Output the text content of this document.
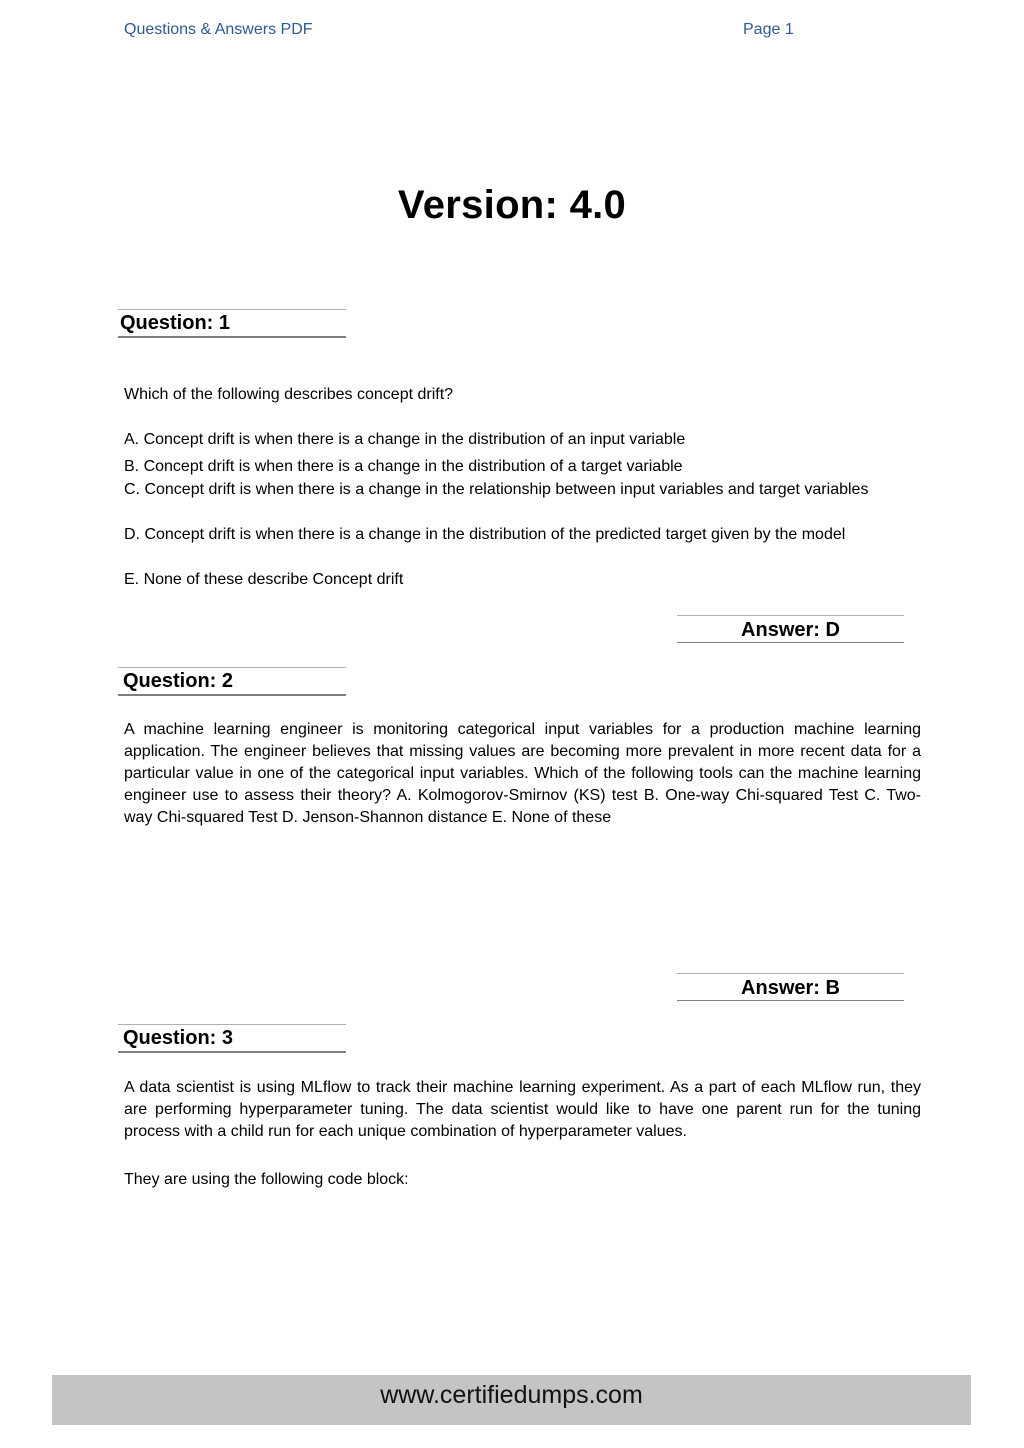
Questions & Answers PDF	Page 1
Version: 4.0
Question: 1
Which of the following describes concept drift?
A. Concept drift is when there is a change in the distribution of an input variable
B. Concept drift is when there is a change in the distribution of a target variable
C. Concept drift is when there is a change in the relationship between input variables and target variables
D. Concept drift is when there is a change in the distribution of the predicted target given by the model
E. None of these describe Concept drift
Answer: D
Question: 2
A machine learning engineer is monitoring categorical input variables for a production machine learning application. The engineer believes that missing values are becoming more prevalent in more recent data for a particular value in one of the categorical input variables. Which of the following tools can the machine learning engineer use to assess their theory? A. Kolmogorov-Smirnov (KS) test B. One-way Chi-squared Test C. Two-way Chi-squared Test D. Jenson-Shannon distance E. None of these
Answer: B
Question: 3
A data scientist is using MLflow to track their machine learning experiment. As a part of each MLflow run, they are performing hyperparameter tuning. The data scientist would like to have one parent run for the tuning process with a child run for each unique combination of hyperparameter values.
They are using the following code block:
www.certifiedumps.com
